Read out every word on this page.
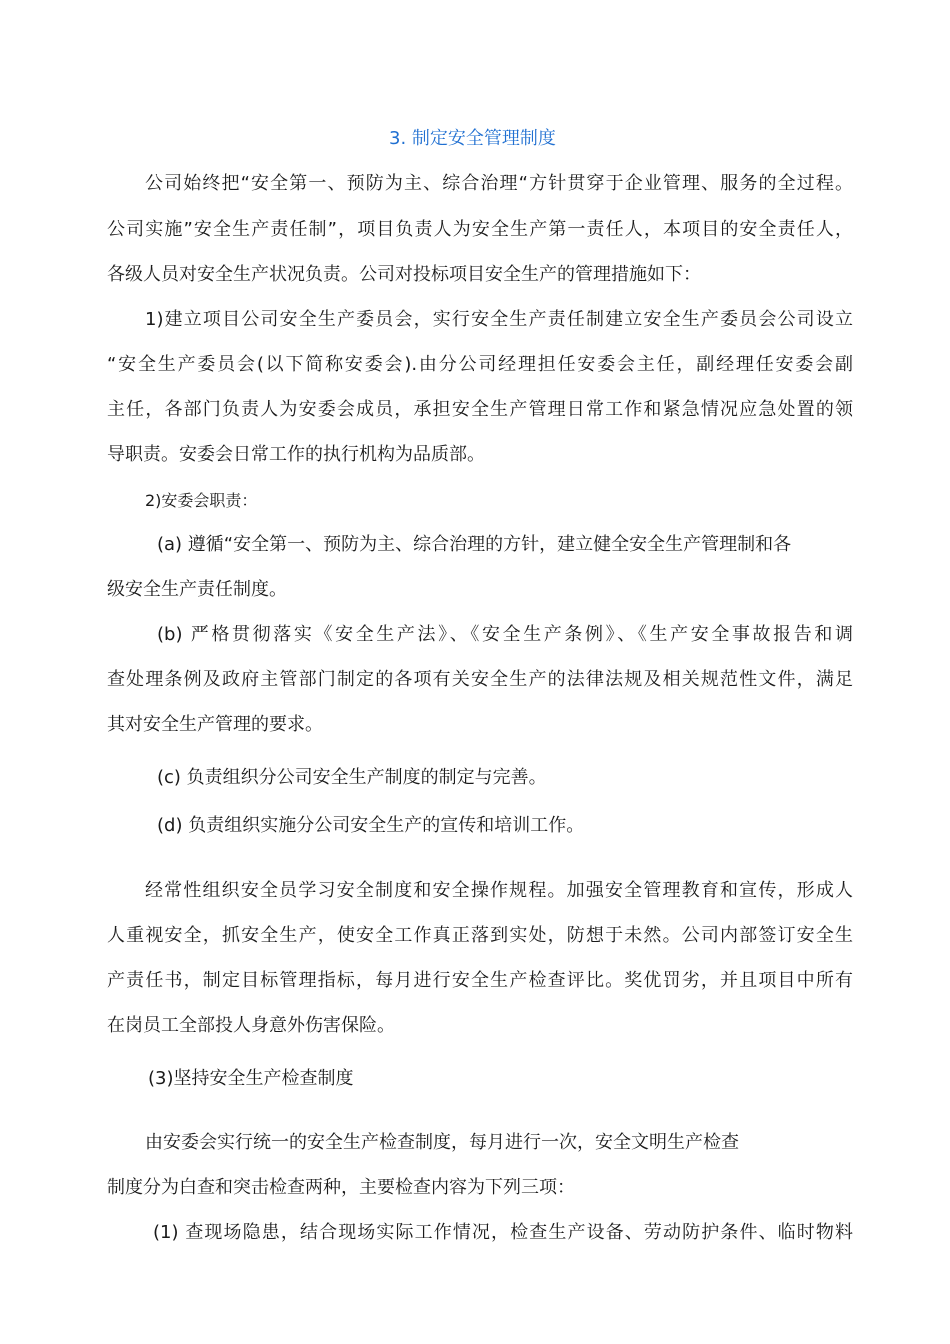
3. 制定安全管理制度
公司始终把“安全第一、预防为主、综合治理“方针贯穿于企业管理、服务的全过程。
公司实施”安全生产责任制”，项目负责人为安全生产第一责任人，本项目的安全责任人，
各级人员对安全生产状况负责。公司对投标项目安全生产的管理措施如下：
1)建立项目公司安全生产委员会，实行安全生产责任制建立安全生产委员会公司设立
“安全生产委员会(以下简称安委会).由分公司经理担任安委会主任，副经理任安委会副
主任，各部门负责人为安委会成员，承担安全生产管理日常工作和紧急情况应急处置的领
导职责。安委会日常工作的执行机构为品质部。
2)安委会职责：
(a) 遵循“安全第一、预防为主、综合治理的方针，建立健全安全生产管理制和各
级安全生产责任制度。
(b) 严格贯彻落实《安全生产法》、《安全生产条例》、《生产安全事故报告和调
查处理条例及政府主管部门制定的各项有关安全生产的法律法规及相关规范性文件，满足
其对安全生产管理的要求。
(c) 负责组织分公司安全生产制度的制定与完善。
(d) 负责组织实施分公司安全生产的宣传和培训工作。
经常性组织安全员学习安全制度和安全操作规程。加强安全管理教育和宣传，形成人
人重视安全，抓安全生产，使安全工作真正落到实处，防想于未然。公司内部签订安全生
产责任书，制定目标管理指标，每月进行安全生产检查评比。奖优罚劣，并且项目中所有
在岗员工全部投人身意外伤害保险。
(3)坚持安全生产检查制度
由安委会实行统一的安全生产检查制度，每月进行一次，安全文明生产检查
制度分为白查和突击检查两种，主要检查内容为下列三项：
(1) 查现场隐患，结合现场实际工作情况，检查生产设备、劳动防护条件、临时物料
